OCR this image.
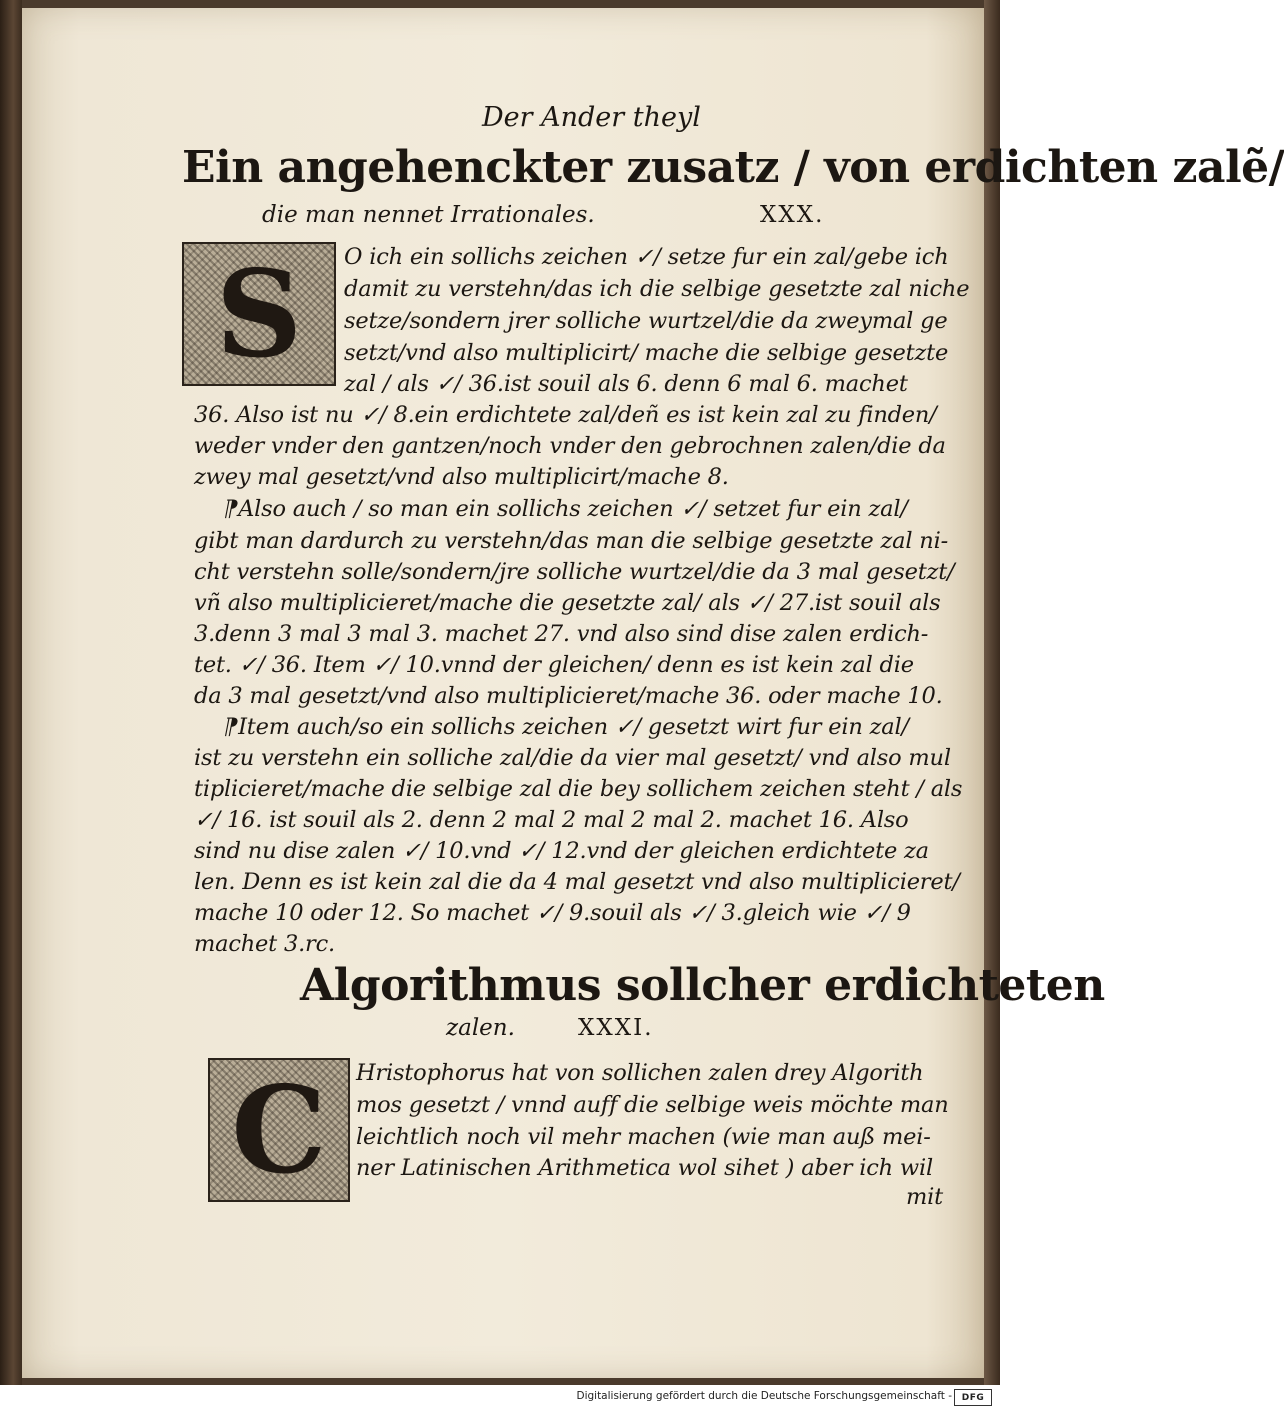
Der Ander theyl
Ein angehenckter zusatz / von erdichten zalẽ/
die man nennet Irrationales.	XXX.
S O ich ein sollichs zeichen ✓/ setze fur ein zal/gebe ich
damit zu verstehn/das ich die selbige gesetzte zal niche
setze/sondern jrer solliche wurtzel/die da zweymal ge
setzt/vnd also multiplicirt/ mache die selbige gesetzte
zal / als ✓/ 36.ist souil als 6. denn 6 mal 6. machet
36. Also ist nu ✓/ 8.ein erdichtete zal/deñ es ist kein zal zu finden/
weder vnder den gantzen/noch vnder den gebrochnen zalen/die da
zwey mal gesetzt/vnd also multiplicirt/mache 8.
⁋Also auch / so man ein sollichs zeichen ✓/ setzet fur ein zal/
gibt man dardurch zu verstehn/das man die selbige gesetzte zal ni-
cht verstehn solle/sondern/jre solliche wurtzel/die da 3 mal gesetzt/
vñ also multiplicieret/mache die gesetzte zal/ als ✓/ 27.ist souil als
3.denn 3 mal 3 mal 3. machet 27. vnd also sind dise zalen erdich-
tet. ✓/ 36. Item ✓/ 10.vnnd der gleichen/ denn es ist kein zal die
da 3 mal gesetzt/vnd also multiplicieret/mache 36. oder mache 10.
⁋Item auch/so ein sollichs zeichen ✓/ gesetzt wirt fur ein zal/
ist zu verstehn ein solliche zal/die da vier mal gesetzt/ vnd also mul
tiplicieret/mache die selbige zal die bey sollichem zeichen steht / als
✓/ 16. ist souil als 2. denn 2 mal 2 mal 2 mal 2. machet 16. Also
sind nu dise zalen ✓/ 10.vnd ✓/ 12.vnd der gleichen erdichtete za
len. Denn es ist kein zal die da 4 mal gesetzt vnd also multiplicieret/
mache 10 oder 12. So machet ✓/ 9.souil als ✓/ 3.gleich wie ✓/ 9
machet 3.rc.
Algorithmus sollcher erdichteten
zalen.	XXXI.
C Hristophorus hat von sollichen zalen drey Algorith
mos gesetzt / vnnd auff die selbige weis möchte man
leichtlich noch vil mehr machen (wie man auß mei-
ner Latinischen Arithmetica wol sihet ) aber ich wil
mit
Digitalisierung gefördert durch die Deutsche Forschungsgemeinschaft -	DFG
